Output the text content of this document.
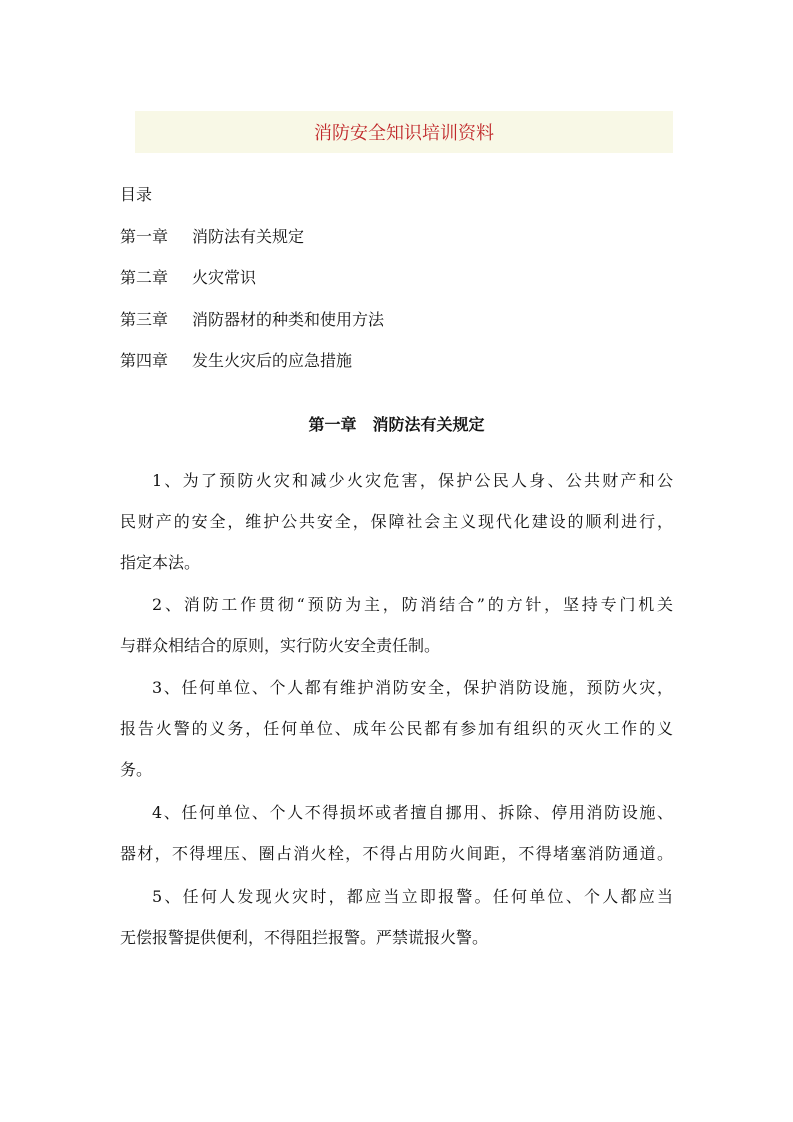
消防安全知识培训资料
目录
第一章 消防法有关规定
第二章 火灾常识
第三章 消防器材的种类和使用方法
第四章 发生火灾后的应急措施
第一章　消防法有关规定
1、为了预防火灾和减少火灾危害，保护公民人身、公共财产和公
民财产的安全，维护公共安全，保障社会主义现代化建设的顺利进行，
指定本法。
2、消防工作贯彻“预防为主，防消结合”的方针，坚持专门机关
与群众相结合的原则，实行防火安全责任制。
3、任何单位、个人都有维护消防安全，保护消防设施，预防火灾，
报告火警的义务，任何单位、成年公民都有参加有组织的灭火工作的义
务。
4、任何单位、个人不得损坏或者擅自挪用、拆除、停用消防设施、
器材，不得埋压、圈占消火栓，不得占用防火间距，不得堵塞消防通道。
5、任何人发现火灾时，都应当立即报警。任何单位、个人都应当
无偿报警提供便利，不得阻拦报警。严禁谎报火警。
